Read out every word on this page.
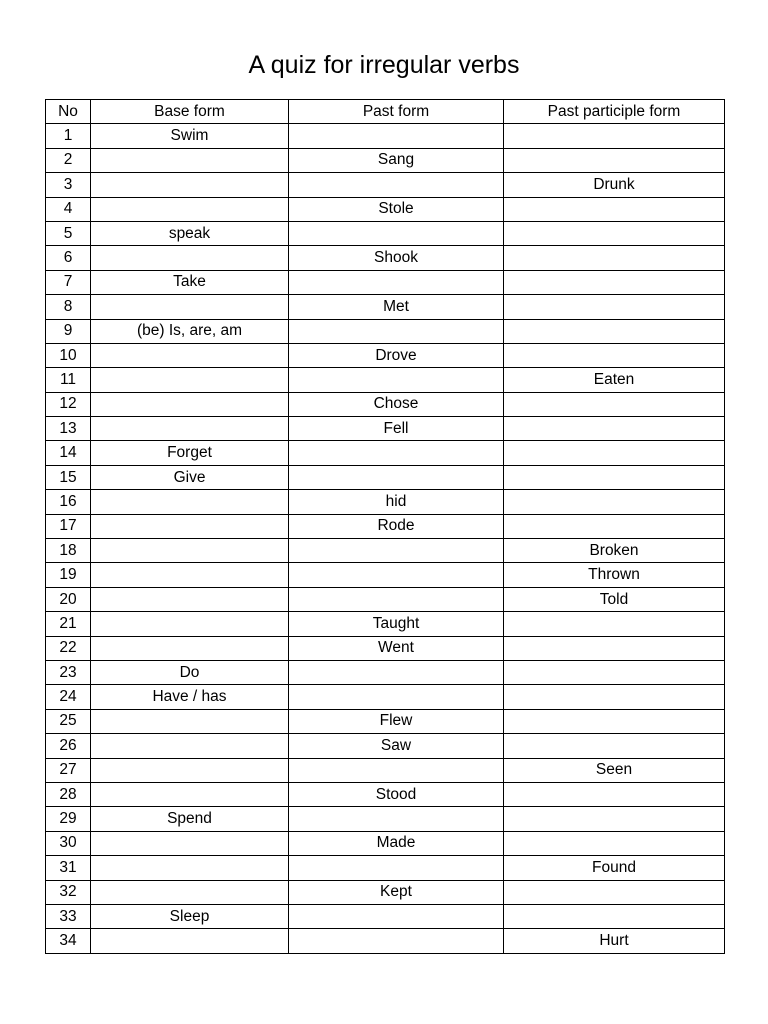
A quiz for irregular verbs
No	Base form	Past form	Past participle form
1	Swim		
2		Sang	
3			Drunk
4		Stole	
5	speak		
6		Shook	
7	Take		
8		Met	
9	(be) Is, are, am		
10		Drove	
11			Eaten
12		Chose	
13		Fell	
14	Forget		
15	Give		
16		hid	
17		Rode	
18			Broken
19			Thrown
20			Told
21		Taught	
22		Went	
23	Do		
24	Have / has		
25		Flew	
26		Saw	
27			Seen
28		Stood	
29	Spend		
30		Made	
31			Found
32		Kept	
33	Sleep		
34			Hurt
